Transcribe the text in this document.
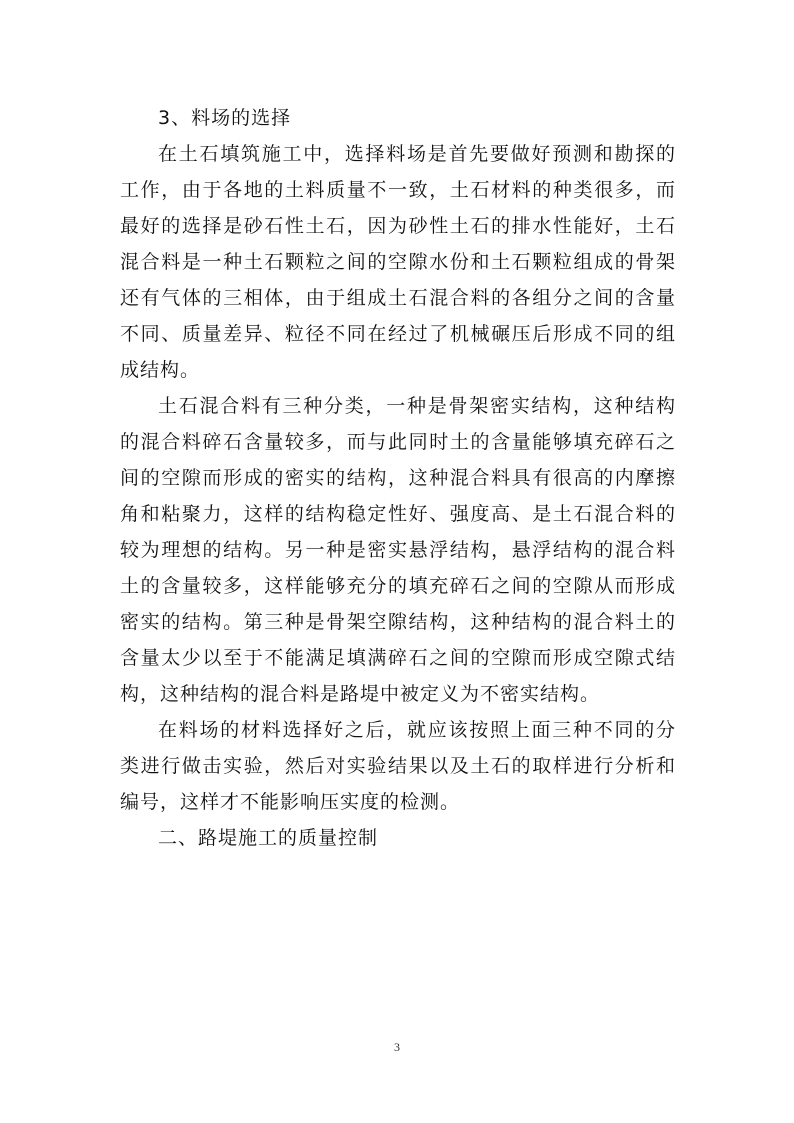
3、料场的选择

在土石填筑施工中，选择料场是首先要做好预测和勘探的工作，由于各地的土料质量不一致，土石材料的种类很多，而最好的选择是砂石性土石，因为砂性土石的排水性能好，土石混合料是一种土石颗粒之间的空隙水份和土石颗粒组成的骨架还有气体的三相体，由于组成土石混合料的各组分之间的含量不同、质量差异、粒径不同在经过了机械碾压后形成不同的组成结构。

土石混合料有三种分类，一种是骨架密实结构，这种结构的混合料碎石含量较多，而与此同时土的含量能够填充碎石之间的空隙而形成的密实的结构，这种混合料具有很高的内摩擦角和粘聚力，这样的结构稳定性好、强度高、是土石混合料的较为理想的结构。另一种是密实悬浮结构，悬浮结构的混合料土的含量较多，这样能够充分的填充碎石之间的空隙从而形成密实的结构。第三种是骨架空隙结构，这种结构的混合料土的含量太少以至于不能满足填满碎石之间的空隙而形成空隙式结构，这种结构的混合料是路堤中被定义为不密实结构。

在料场的材料选择好之后，就应该按照上面三种不同的分类进行做击实验，然后对实验结果以及土石的取样进行分析和编号，这样才不能影响压实度的检测。

二、路堤施工的质量控制

3
